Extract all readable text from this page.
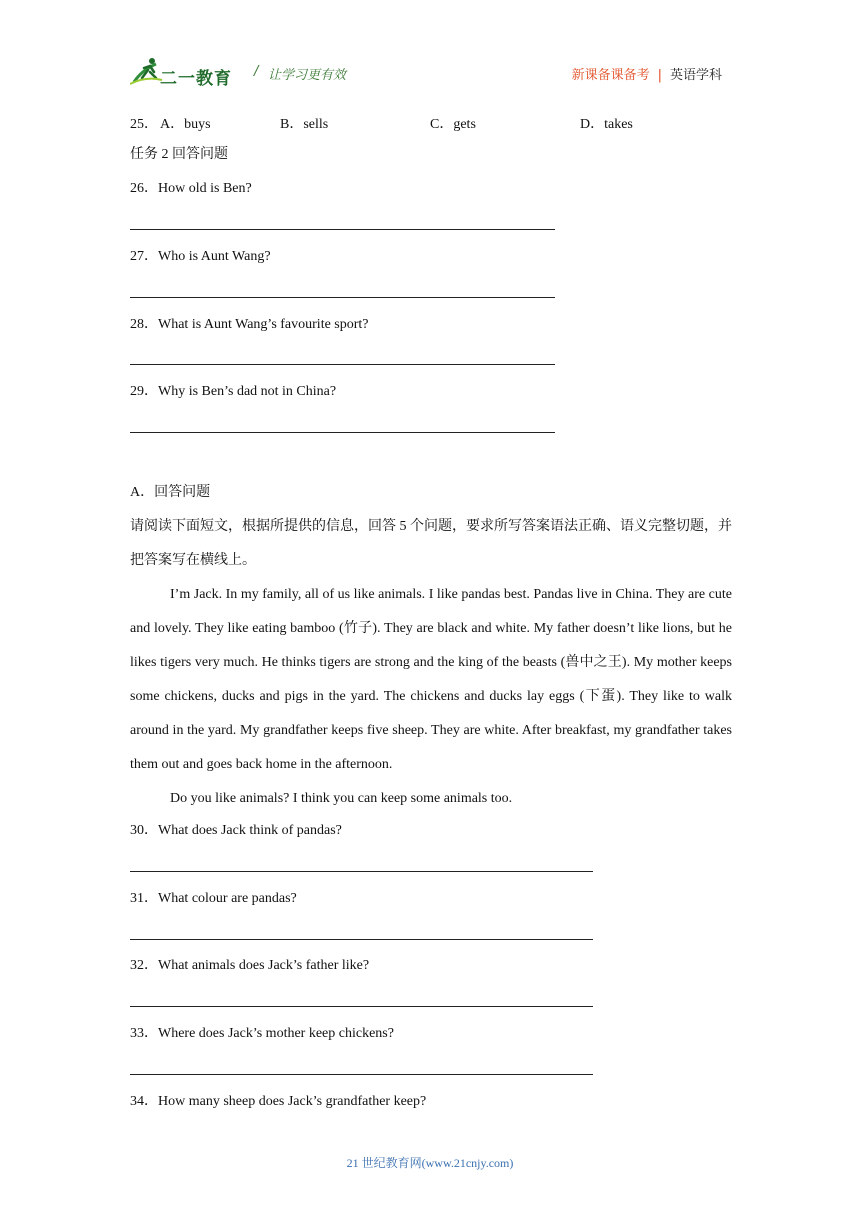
二一教育 / 让学习更有效	新课备课备考 | 英语学科
25． A．buys	B．sells	C．gets	D．takes
任务 2 回答问题
26．How old is Ben?
27．Who is Aunt Wang?
28．What is Aunt Wang’s favourite sport?
29．Why is Ben’s dad not in China?
A．回答问题

请阅读下面短文，根据所提供的信息，回答 5 个问题，要求所写答案语法正确、语义完整切题，并把答案写在横线上。

I’m Jack. In my family, all of us like animals. I like pandas best. Pandas live in China. They are cute and lovely. They like eating bamboo (竹子). They are black and white. My father doesn’t like lions, but he likes tigers very much. He thinks tigers are strong and the king of the beasts (兽中之王). My mother keeps some chickens, ducks and pigs in the yard. The chickens and ducks lay eggs (下蛋). They like to walk around in the yard. My grandfather keeps five sheep. They are white. After breakfast, my grandfather takes them out and goes back home in the afternoon.

Do you like animals? I think you can keep some animals too.

30．What does Jack think of pandas?
31．What colour are pandas?
32．What animals does Jack’s father like?
33．Where does Jack’s mother keep chickens?
34．How many sheep does Jack’s grandfather keep?
21 世纪教育网(www.21cnjy.com)
